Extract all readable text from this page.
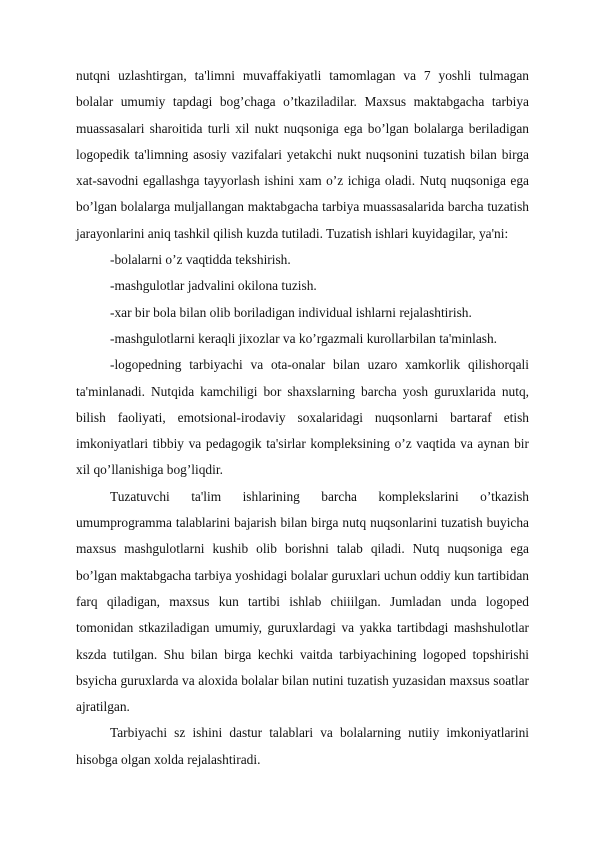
nutqni uzlashtirgan, ta'limni muvaffakiyatli tamomlagan va 7 yoshli tulmagan bolalar umumiy tapdagi bog’chaga o’tkaziladilar. Maxsus maktabgacha tarbiya muassasalari sharoitida turli xil nukt nuqsoniga ega bo’lgan bolalarga beriladigan logopedik ta'limning asosiy vazifalari yetakchi nukt nuqsonini tuzatish bilan birga xat-savodni egallashga tayyorlash ishini xam o’z ichiga oladi. Nutq nuqsoniga ega bo’lgan bolalarga muljallangan maktabgacha tarbiya muassasalarida barcha tuzatish jarayonlarini aniq tashkil qilish kuzda tutiladi. Tuzatish ishlari kuyidagilar, ya'ni:

-bolalarni o’z vaqtidda tekshirish.

-mashgulotlar jadvalini okilona tuzish.

-xar bir bola bilan olib boriladigan individual ishlarni rejalashtirish.

-mashgulotlarni keraqli jixozlar va ko’rgazmali kurollarbilan ta'minlash.

-logopedning tarbiyachi va ota-onalar bilan uzaro xamkorlik qilishorqali ta'minlanadi. Nutqida kamchiligi bor shaxslarning barcha yosh guruxlarida nutq, bilish faoliyati, emotsional-irodaviy soxalaridagi nuqsonlarni bartaraf etish imkoniyatlari tibbiy va pedagogik ta'sirlar kompleksining o’z vaqtida va aynan bir xil qo’llanishiga bog’liqdir.

Tuzatuvchi ta'lim ishlarining barcha komplekslarini o’tkazish umumprogramma talablarini bajarish bilan birga nutq nuqsonlarini tuzatish buyicha maxsus mashgulotlarni kushib olib borishni talab qiladi. Nutq nuqsoniga ega bo’lgan maktabgacha tarbiya yoshidagi bolalar guruxlari uchun oddiy kun tartibidan farq qiladigan, maxsus kun tartibi ishlab chiiilgan. Jumladan unda logoped tomonidan stkaziladigan umumiy, guruxlardagi va yakka tartibdagi mashshulotlar kszda tutilgan. Shu bilan birga kechki vaitda tarbiyachining logoped topshirishi bsyicha guruxlarda va aloxida bolalar bilan nutini tuzatish yuzasidan maxsus soatlar ajratilgan.

Tarbiyachi sz ishini dastur talablari va bolalarning nutiiy imkoniyatlarini hisobga olgan xolda rejalashtiradi.
